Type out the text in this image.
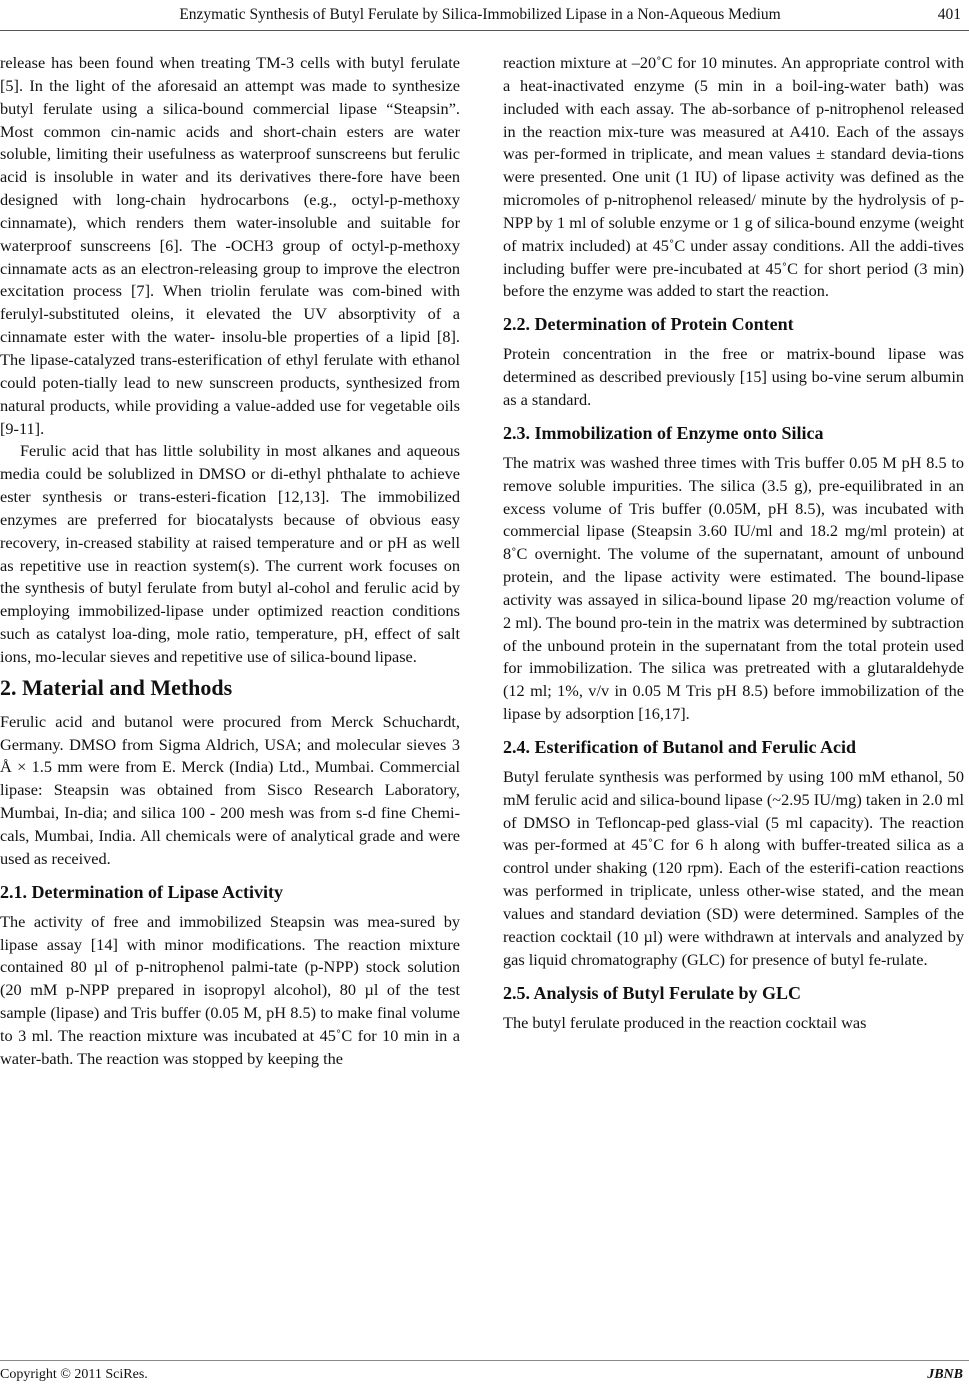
Enzymatic Synthesis of Butyl Ferulate by Silica-Immobilized Lipase in a Non-Aqueous Medium	401

release has been found when treating TM-3 cells with butyl ferulate [5]. In the light of the aforesaid an attempt was made to synthesize butyl ferulate using a silica-bound commercial lipase “Steapsin”. Most common cin-namic acids and short-chain esters are water soluble, limiting their usefulness as waterproof sunscreens but ferulic acid is insoluble in water and its derivatives there-fore have been designed with long-chain hydrocarbons (e.g., octyl-p-methoxy cinnamate), which renders them water-insoluble and suitable for waterproof sunscreens [6]. The -OCH3 group of octyl-p-methoxy cinnamate acts as an electron-releasing group to improve the electron excitation process [7]. When triolin ferulate was com-bined with ferulyl-substituted oleins, it elevated the UV absorptivity of a cinnamate ester with the water- insolu-ble properties of a lipid [8]. The lipase-catalyzed trans-esterification of ethyl ferulate with ethanol could poten-tially lead to new sunscreen products, synthesized from natural products, while providing a value-added use for vegetable oils [9-11].

Ferulic acid that has little solubility in most alkanes and aqueous media could be solublized in DMSO or di-ethyl phthalate to achieve ester synthesis or trans-esteri-fication [12,13]. The immobilized enzymes are preferred for biocatalysts because of obvious easy recovery, in-creased stability at raised temperature and or pH as well as repetitive use in reaction system(s). The current work focuses on the synthesis of butyl ferulate from butyl al-cohol and ferulic acid by employing immobilized-lipase under optimized reaction conditions such as catalyst loa-ding, mole ratio, temperature, pH, effect of salt ions, mo-lecular sieves and repetitive use of silica-bound lipase.

2. Material and Methods

Ferulic acid and butanol were procured from Merck Schuchardt, Germany. DMSO from Sigma Aldrich, USA; and molecular sieves 3 Å × 1.5 mm were from E. Merck (India) Ltd., Mumbai. Commercial lipase: Steapsin was obtained from Sisco Research Laboratory, Mumbai, In-dia; and silica 100 - 200 mesh was from s-d fine Chemi-cals, Mumbai, India. All chemicals were of analytical grade and were used as received.

2.1. Determination of Lipase Activity

The activity of free and immobilized Steapsin was mea-sured by lipase assay [14] with minor modifications. The reaction mixture contained 80 µl of p-nitrophenol palmi-tate (p-NPP) stock solution (20 mM p-NPP prepared in isopropyl alcohol), 80 µl of the test sample (lipase) and Tris buffer (0.05 M, pH 8.5) to make final volume to 3 ml. The reaction mixture was incubated at 45˚C for 10 min in a water-bath. The reaction was stopped by keeping the

reaction mixture at –20˚C for 10 minutes. An appropriate control with a heat-inactivated enzyme (5 min in a boil-ing-water bath) was included with each assay. The ab-sorbance of p-nitrophenol released in the reaction mix-ture was measured at A410. Each of the assays was per-formed in triplicate, and mean values ± standard devia-tions were presented. One unit (1 IU) of lipase activity was defined as the micromoles of p-nitrophenol released/ minute by the hydrolysis of p-NPP by 1 ml of soluble enzyme or 1 g of silica-bound enzyme (weight of matrix included) at 45˚C under assay conditions. All the addi-tives including buffer were pre-incubated at 45˚C for short period (3 min) before the enzyme was added to start the reaction.

2.2. Determination of Protein Content

Protein concentration in the free or matrix-bound lipase was determined as described previously [15] using bo-vine serum albumin as a standard.

2.3. Immobilization of Enzyme onto Silica

The matrix was washed three times with Tris buffer 0.05 M pH 8.5 to remove soluble impurities. The silica (3.5 g), pre-equilibrated in an excess volume of Tris buffer (0.05M, pH 8.5), was incubated with commercial lipase (Steapsin 3.60 IU/ml and 18.2 mg/ml protein) at 8˚C overnight. The volume of the supernatant, amount of unbound protein, and the lipase activity were estimated. The bound-lipase activity was assayed in silica-bound lipase 20 mg/reaction volume of 2 ml). The bound pro-tein in the matrix was determined by subtraction of the unbound protein in the supernatant from the total protein used for immobilization. The silica was pretreated with a glutaraldehyde (12 ml; 1%, v/v in 0.05 M Tris pH 8.5) before immobilization of the lipase by adsorption [16,17].

2.4. Esterification of Butanol and Ferulic Acid

Butyl ferulate synthesis was performed by using 100 mM ethanol, 50 mM ferulic acid and silica-bound lipase (~2.95 IU/mg) taken in 2.0 ml of DMSO in Tefloncap-ped glass-vial (5 ml capacity). The reaction was per-formed at 45˚C for 6 h along with buffer-treated silica as a control under shaking (120 rpm). Each of the esterifi-cation reactions was performed in triplicate, unless other-wise stated, and the mean values and standard deviation (SD) were determined. Samples of the reaction cocktail (10 µl) were withdrawn at intervals and analyzed by gas liquid chromatography (GLC) for presence of butyl fe-rulate.

2.5. Analysis of Butyl Ferulate by GLC

The butyl ferulate produced in the reaction cocktail was

Copyright © 2011 SciRes.	JBNB
